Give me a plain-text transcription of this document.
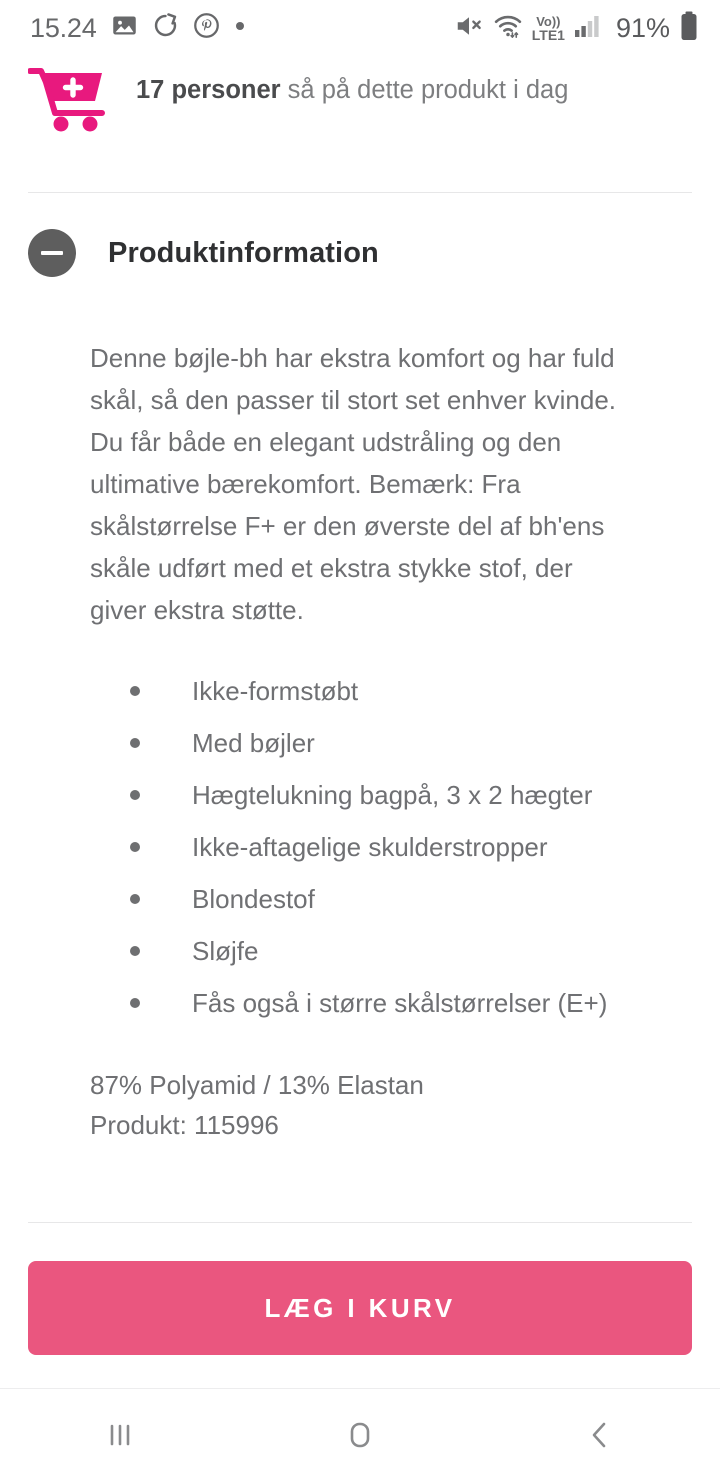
15.24	Vo))
LTE1 91%
17 personer så på dette produkt i dag
Produktinformation

Denne bøjle-bh har ekstra komfort og har fuld skål, så den passer til stort set enhver kvinde. Du får både en elegant udstråling og den ultimative bærekomfort. Bemærk: Fra skålstørrelse F+ er den øverste del af bh'ens skåle udført med et ekstra stykke stof, der giver ekstra støtte.

Ikke-formstøbt
Med bøjler
Hægtelukning bagpå, 3 x 2 hægter
Ikke-aftagelige skulderstropper
Blondestof
Sløjfe
Fås også i større skålstørrelser (E+)
87% Polyamid / 13% Elastan
Produkt: 115996
LÆG I KURV
